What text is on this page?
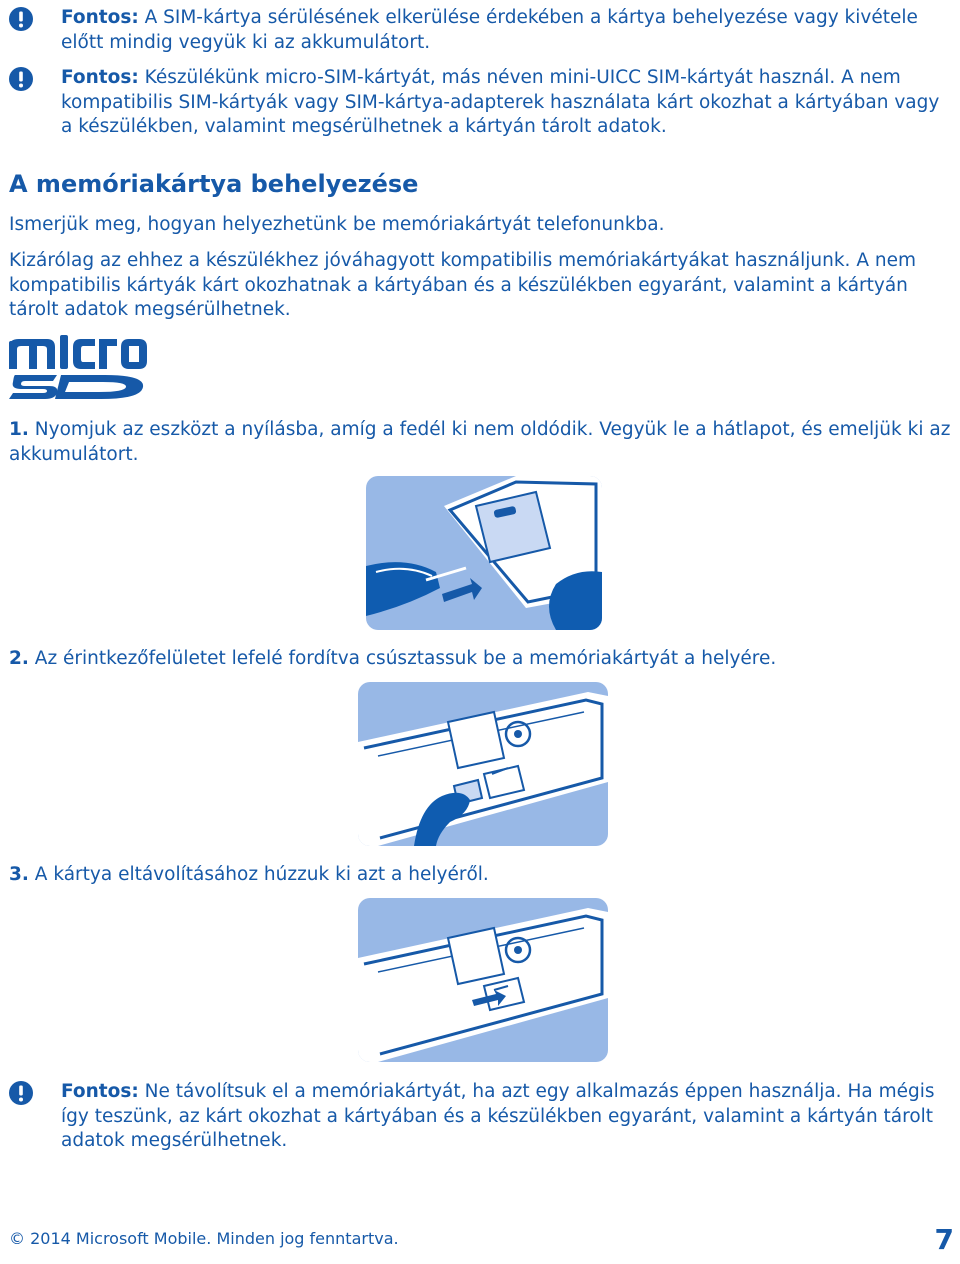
Fontos: A SIM-kártya sérülésének elkerülése érdekében a kártya behelyezése vagy kivétele előtt mindig vegyük ki az akkumulátort.
Fontos: Készülékünk micro-SIM-kártyát, más néven mini-UICC SIM-kártyát használ. A nem kompatibilis SIM-kártyák vagy SIM-kártya-adapterek használata kárt okozhat a kártyában vagy a készülékben, valamint megsérülhetnek a kártyán tárolt adatok.
A memóriakártya behelyezése

Ismerjük meg, hogyan helyezhetünk be memóriakártyát telefonunkba.

Kizárólag az ehhez a készülékhez jóváhagyott kompatibilis memóriakártyákat használjunk. A nem kompatibilis kártyák kárt okozhatnak a kártyában és a készülékben egyaránt, valamint a kártyán tárolt adatok megsérülhetnek.

1. Nyomjuk az eszközt a nyílásba, amíg a fedél ki nem oldódik. Vegyük le a hátlapot, és emeljük ki az akkumulátort.

2. Az érintkezőfelületet lefelé fordítva csúsztassuk be a memóriakártyát a helyére.

3. A kártya eltávolításához húzzuk ki azt a helyéről.

Fontos: Ne távolítsuk el a memóriakártyát, ha azt egy alkalmazás éppen használja. Ha mégis így teszünk, az kárt okozhat a kártyában és a készülékben egyaránt, valamint a kártyán tárolt adatok megsérülhetnek.
© 2014 Microsoft Mobile. Minden jog fenntartva.	7
